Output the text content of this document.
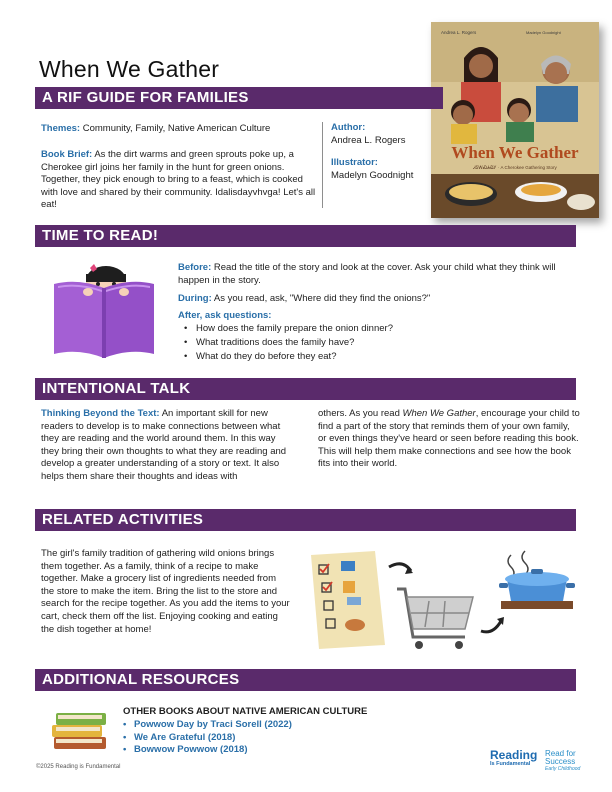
When We Gather
Andrea L. Rogers	Madelyn Goodnight
When We Gather
ᏗᏚᎳᏍᏗᏍᎩ · A Cherokee Gathering Story
A RIF GUIDE FOR FAMILIES
Themes: Community, Family, Native American Culture
Book Brief: As the dirt warms and green sprouts poke up, a Cherokee girl joins her family in the hunt for green onions. Together, they pick enough to bring to a feast, which is cooked with love and shared by their community. Idalisdayvhvga! Let's all eat!
Author:
Andrea L. Rogers
Illustrator:
Madelyn Goodnight
TIME TO READ!
Before: Read the title of the story and look at the cover. Ask your child what they think will happen in the story.
During: As you read, ask, "Where did they find the onions?"
After, ask questions:
• How does the family prepare the onion dinner?
• What traditions does the family have?
• What do they do before they eat?
INTENTIONAL TALK
Thinking Beyond the Text: An important skill for new readers to develop is to make connections between what they are reading and the world around them. In this way they bring their own thoughts to what they are reading and develop a greater understanding of a story or text. It also helps them share their thoughts and ideas with
others. As you read When We Gather, encourage your child to find a part of the story that reminds them of your own family, or even things they've heard or seen before reading this book. This will help them make connections and see how the book fits into their world.
RELATED ACTIVITIES
The girl's family tradition of gathering wild onions brings them together. As a family, think of a recipe to make together. Make a grocery list of ingredients needed from the store to make the item. Bring the list to the store and search for the recipe together. As you add the items to your cart, check them off the list. Enjoying cooking and eating the dish together at home!
ADDITIONAL RESOURCES
OTHER BOOKS ABOUT NATIVE AMERICAN CULTURE
• Powwow Day by Traci Sorell (2022)
• We Are Grateful (2018)
• Bowwow Powwow (2018)
©2025 Reading is Fundamental
Reading
Is Fundamental
Read for
Success
Early Childhood
